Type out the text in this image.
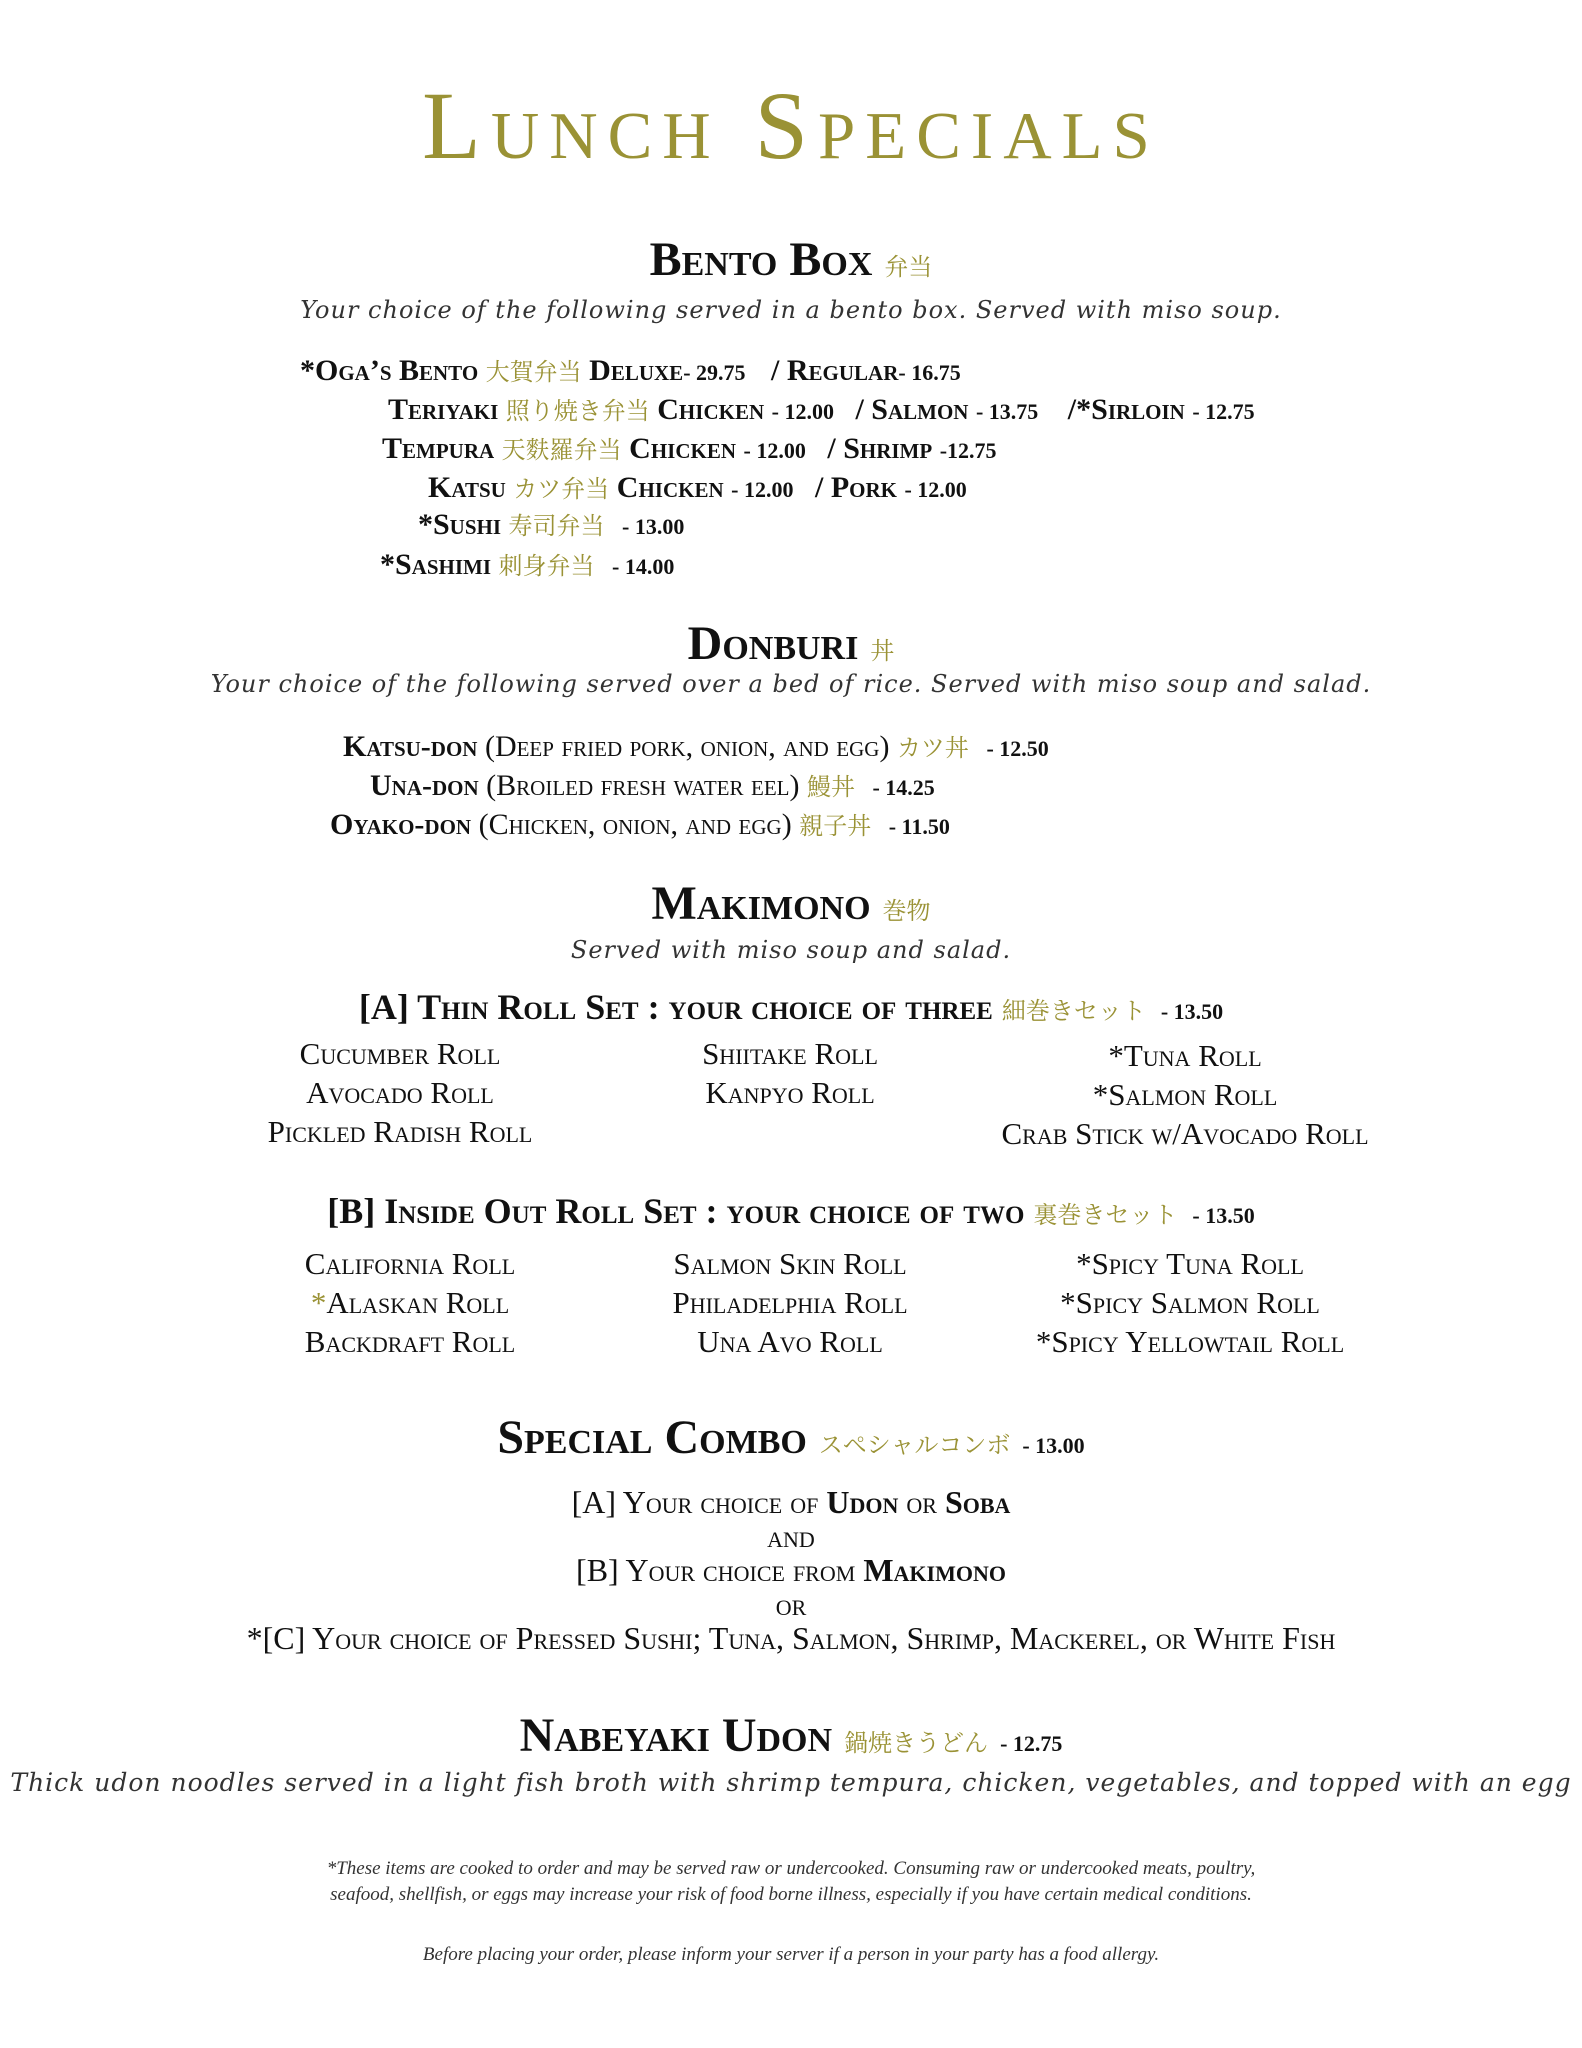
Lunch Specials
Bento Box 弁当
Your choice of the following served in a bento box. Served with miso soup.
*Oga’s Bento 大賀弁当 Deluxe- 29.75 / Regular- 16.75
Teriyaki 照り焼き弁当 Chicken - 12.00 / Salmon - 13.75 /*Sirloin - 12.75
Tempura 天麩羅弁当 Chicken - 12.00 / Shrimp -12.75
Katsu カツ弁当 Chicken - 12.00 / Pork - 12.00
*Sushi 寿司弁当 - 13.00
*Sashimi 刺身弁当 - 14.00
Donburi 丼
Your choice of the following served over a bed of rice. Served with miso soup and salad.
Katsu-don (Deep fried pork, onion, and egg) カツ丼 - 12.50
Una-don (Broiled fresh water eel) 鰻丼 - 14.25
Oyako-don (Chicken, onion, and egg) 親子丼 - 11.50
Makimono 巻物
Served with miso soup and salad.
[A] Thin Roll Set : your choice of three 細巻きセット - 13.50
Cucumber Roll
Avocado Roll
Pickled Radish Roll
Shiitake Roll
Kanpyo Roll
*Tuna Roll
*Salmon Roll
Crab Stick w/Avocado Roll
[B] Inside Out Roll Set : your choice of two 裏巻きセット - 13.50
California Roll
*Alaskan Roll
Backdraft Roll
Salmon Skin Roll
Philadelphia Roll
Una Avo Roll
*Spicy Tuna Roll
*Spicy Salmon Roll
*Spicy Yellowtail Roll
Special Combo スペシャルコンボ - 13.00
[A] Your choice of Udon or Soba
and
[B] Your choice from Makimono
or
*[C] Your choice of Pressed Sushi; Tuna, Salmon, Shrimp, Mackerel, or White Fish
Nabeyaki Udon 鍋焼きうどん - 12.75
Thick udon noodles served in a light fish broth with shrimp tempura, chicken, vegetables, and topped with an egg
*These items are cooked to order and may be served raw or undercooked. Consuming raw or undercooked meats, poultry,
seafood, shellfish, or eggs may increase your risk of food borne illness, especially if you have certain medical conditions.
Before placing your order, please inform your server if a person in your party has a food allergy.
